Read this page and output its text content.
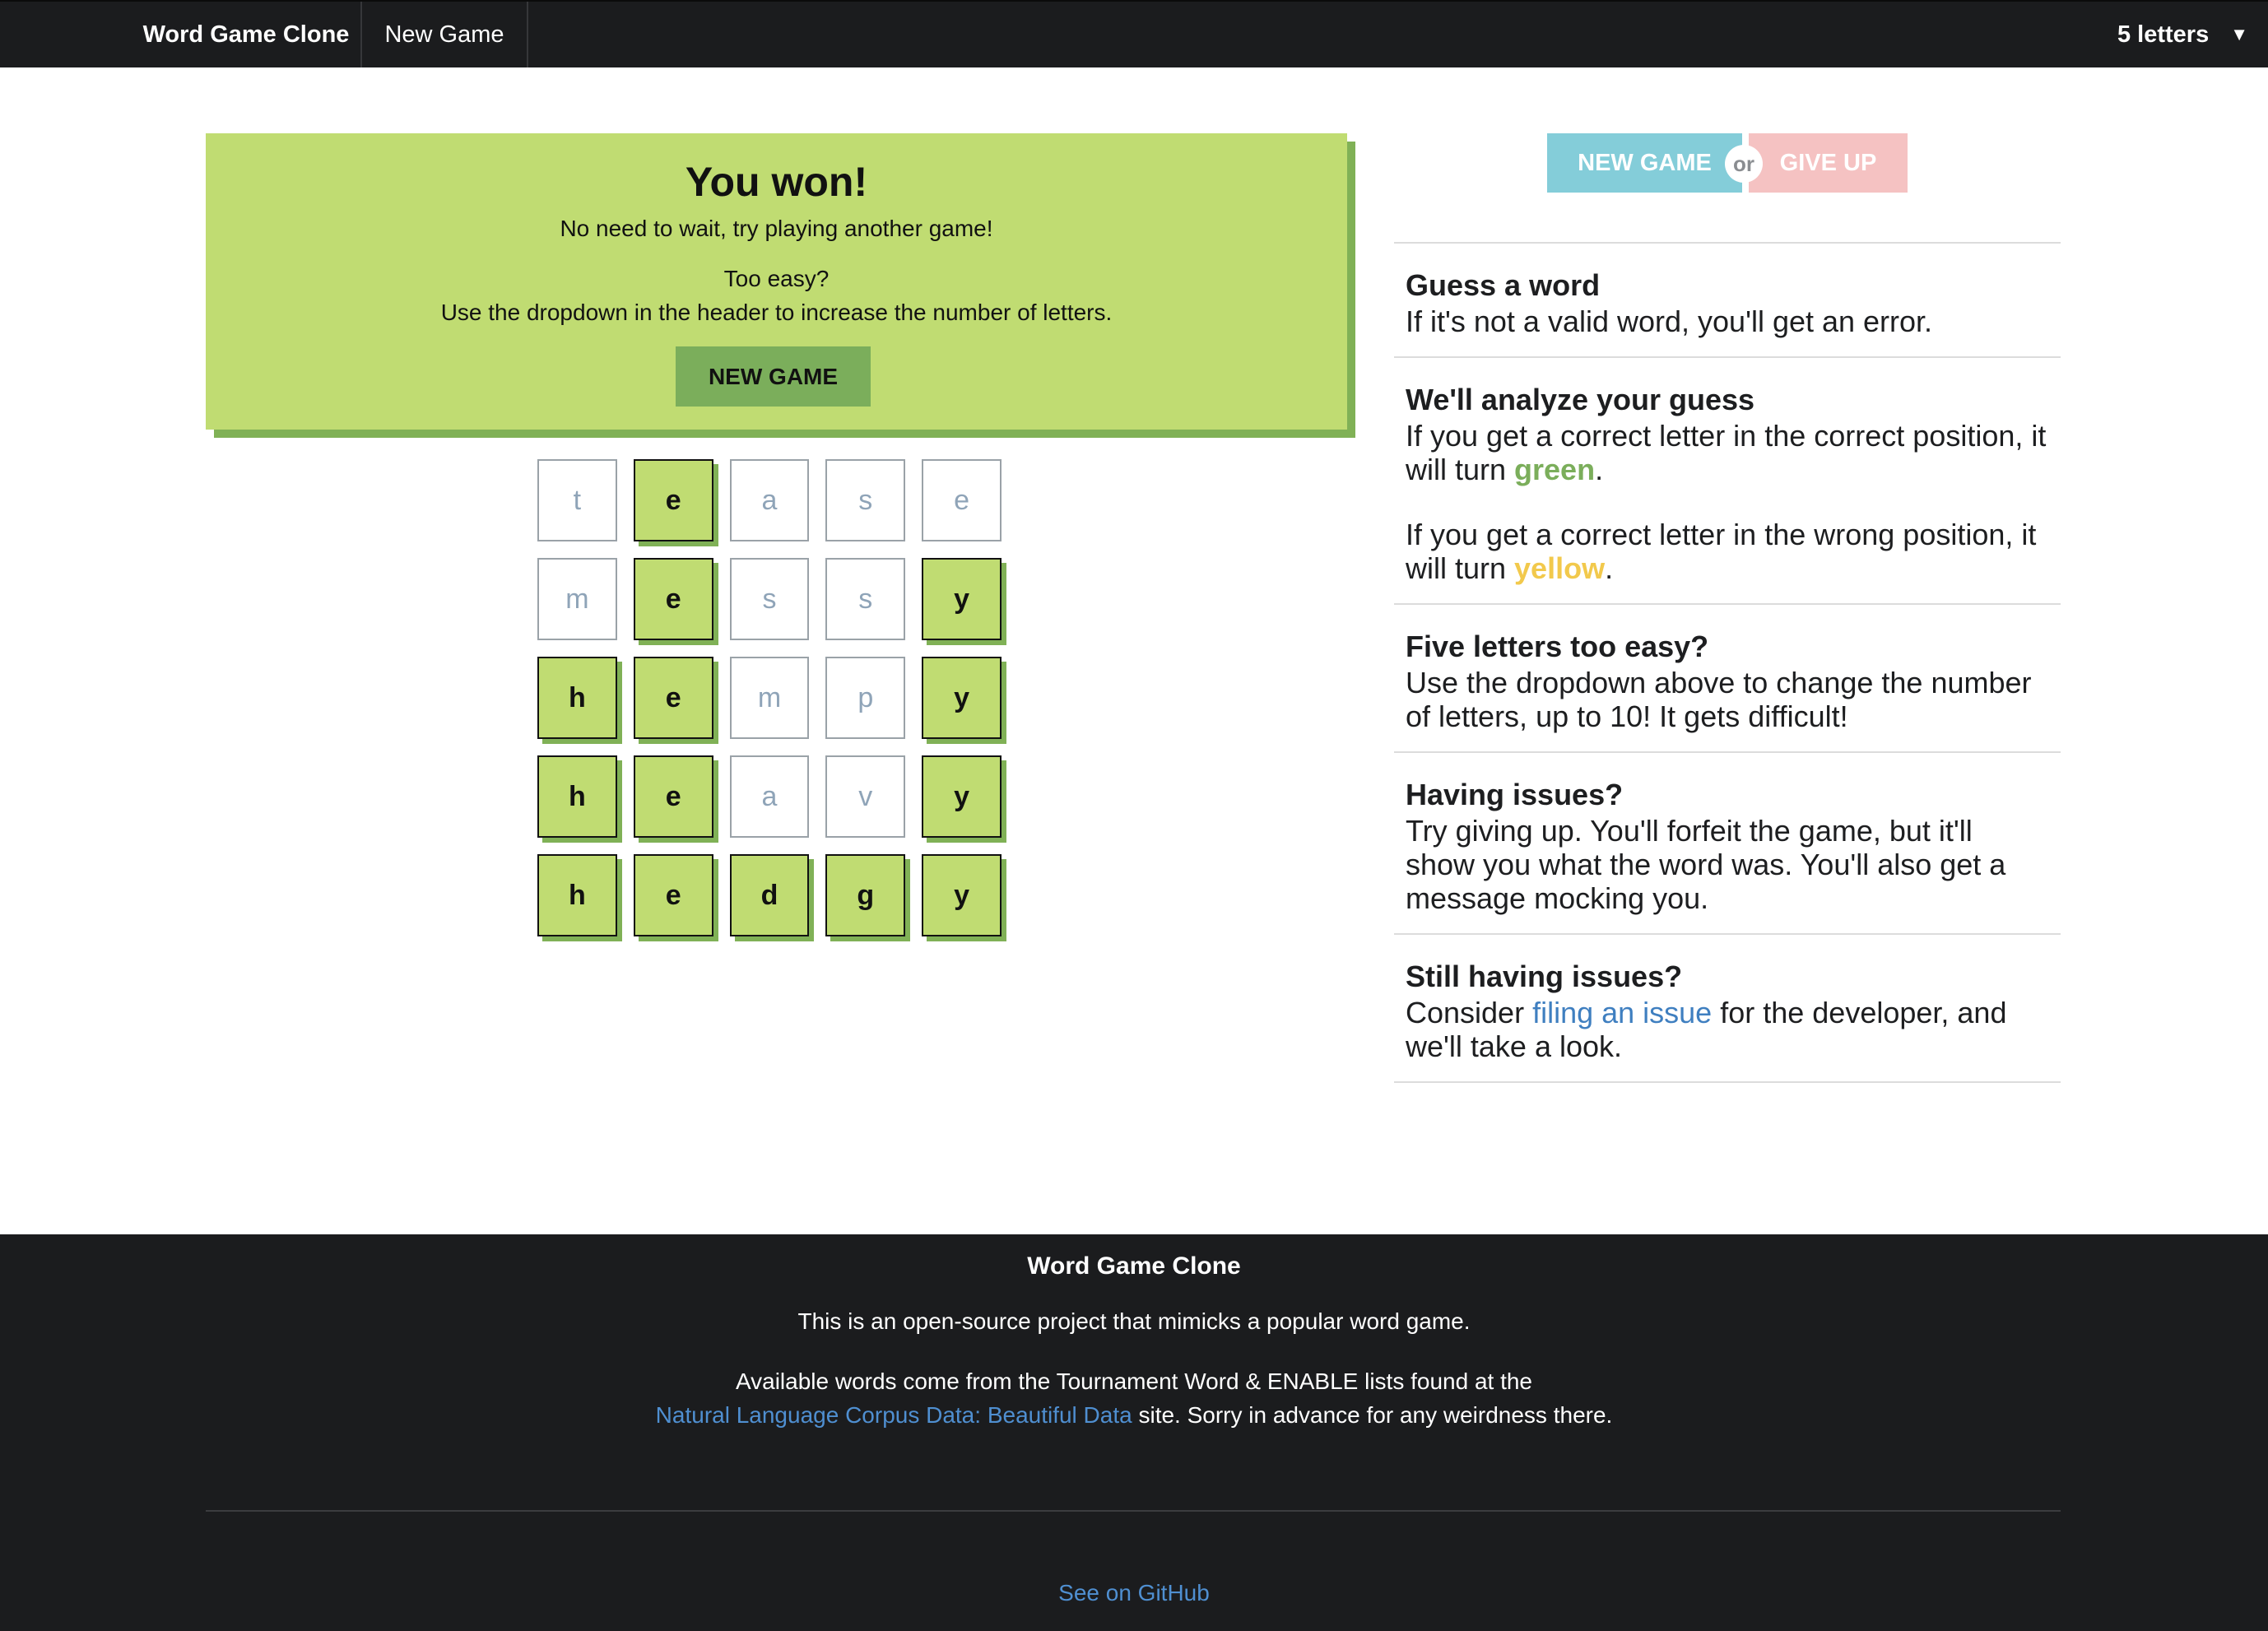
Word Game Clone	New Game	5 letters ▼
You won!
No need to wait, try playing another game!
Too easy?
Use the dropdown in the header to increase the number of letters.
NEW GAME
t	e	a	s	e
m	e	s	s	y
h	e	m	p	y
h	e	a	v	y
h	e	d	g	y
NEW GAME	GIVE UP
or
Guess a word
If it's not a valid word, you'll get an error.
We'll analyze your guess
If you get a correct letter in the correct position, it will turn green.
If you get a correct letter in the wrong position, it will turn yellow.
Five letters too easy?
Use the dropdown above to change the number of letters, up to 10! It gets difficult!
Having issues?
Try giving up. You'll forfeit the game, but it'll show you what the word was. You'll also get a message mocking you.
Still having issues?
Consider filing an issue for the developer, and we'll take a look.
Word Game Clone
This is an open-source project that mimicks a popular word game.
Available words come from the Tournament Word & ENABLE lists found at the
Natural Language Corpus Data: Beautiful Data site. Sorry in advance for any weirdness there.
See on GitHub
